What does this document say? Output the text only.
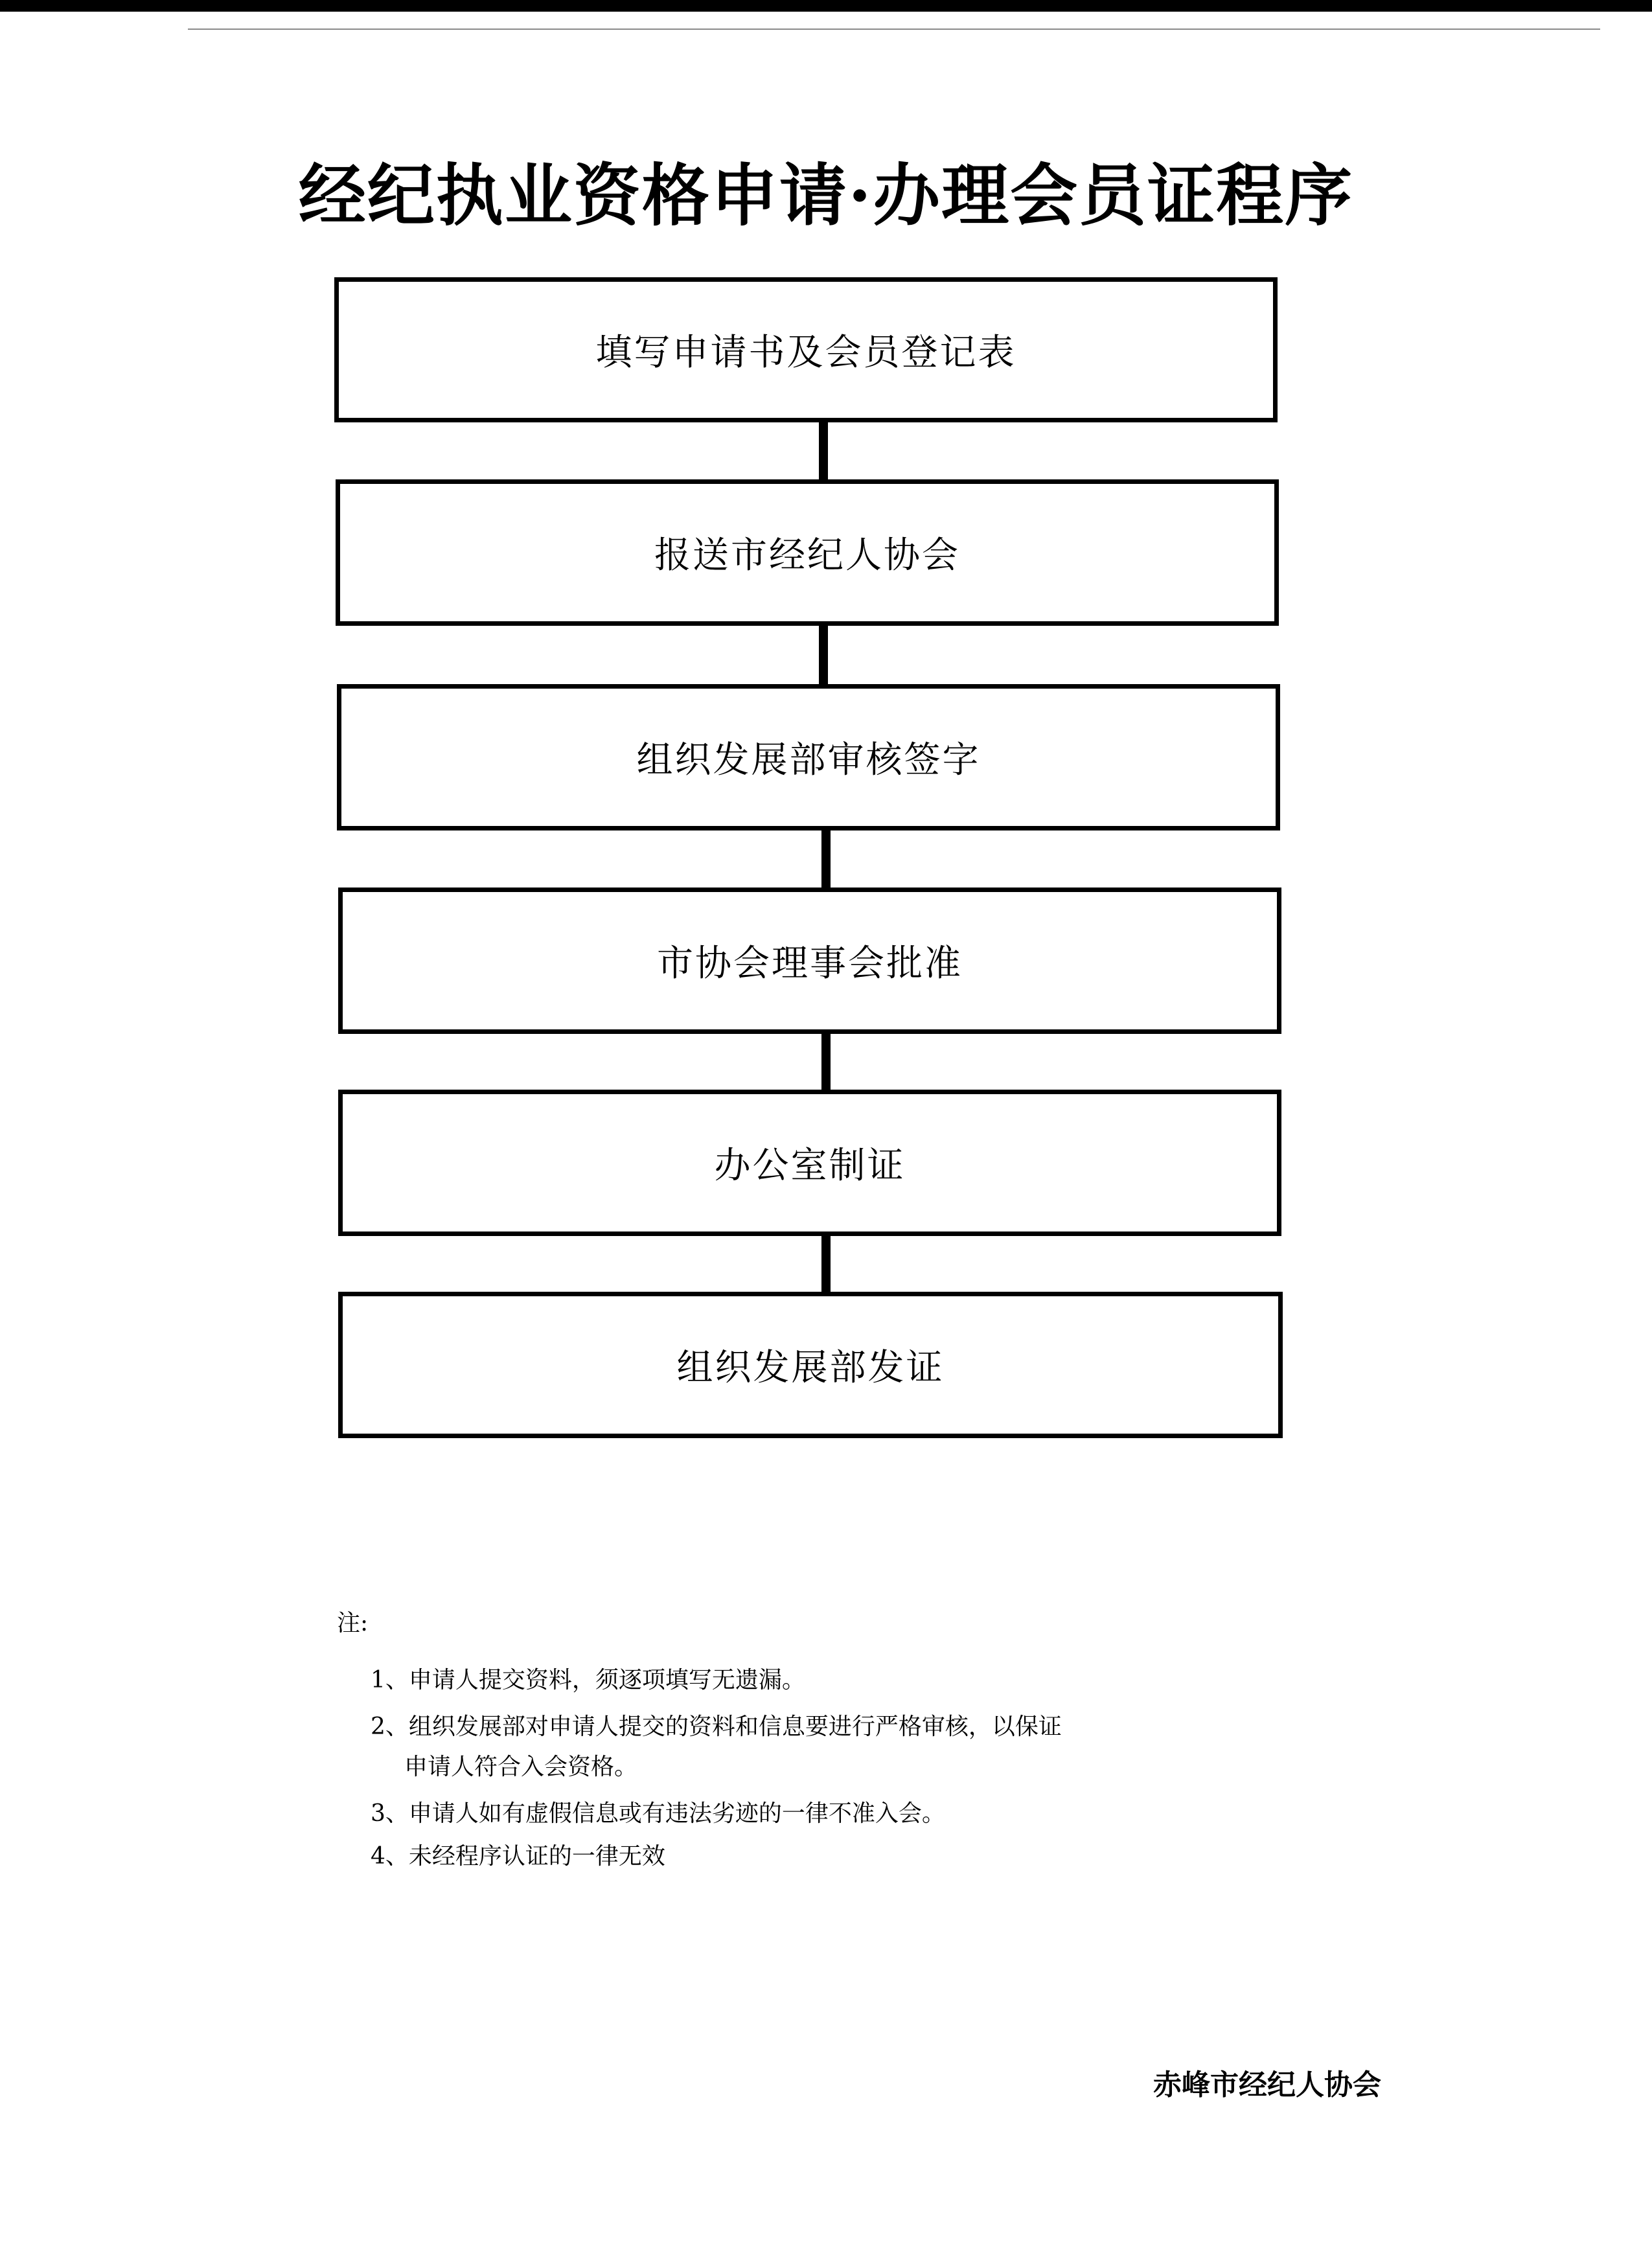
经纪执业资格申请·办理会员证程序
填写申请书及会员登记表
报送市经纪人协会
组织发展部审核签字
市协会理事会批准
办公室制证
组织发展部发证
注:
1、申请人提交资料，须逐项填写无遗漏。
2、组织发展部对申请人提交的资料和信息要进行严格审核，以保证
申请人符合入会资格。
3、申请人如有虚假信息或有违法劣迹的一律不准入会。
4、未经程序认证的一律无效
赤峰市经纪人协会
